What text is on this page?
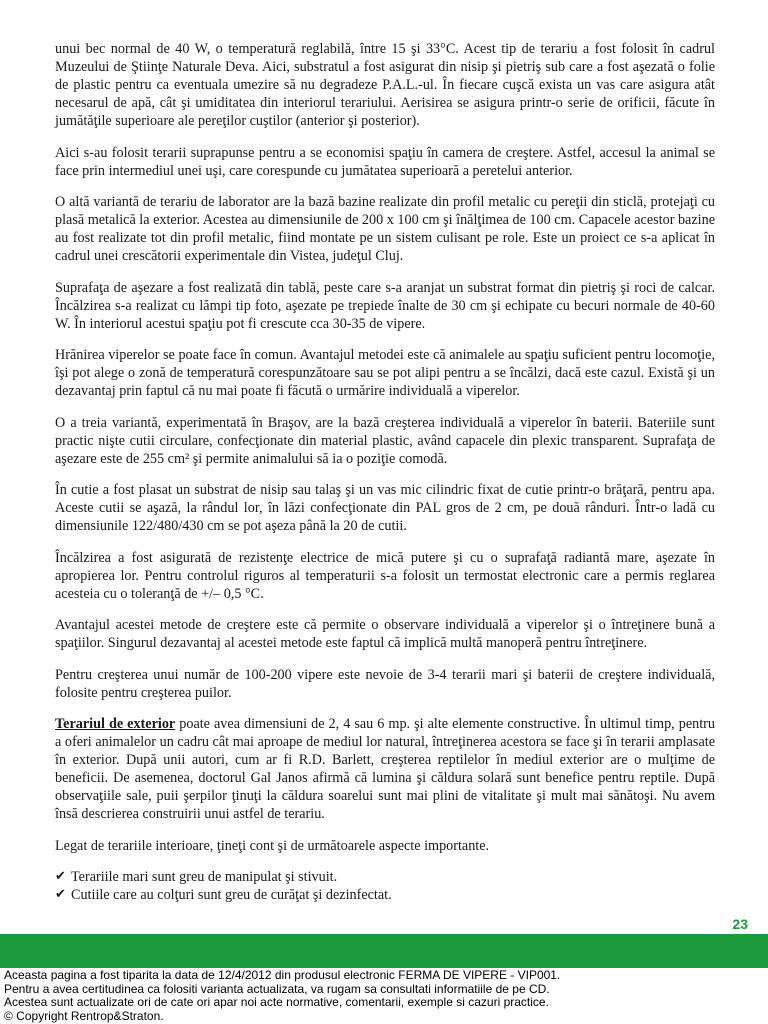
unui bec normal de 40 W, o temperatură reglabilă, între 15 şi 33°C. Acest tip de terariu a fost folosit în cadrul Muzeului de Ştiinţe Naturale Deva. Aici, substratul a fost asigurat din nisip şi pietriş sub care a fost aşezată o folie de plastic pentru ca eventuala umezire să nu degradeze P.A.L.-ul. În fiecare cuşcă exista un vas care asigura atât necesarul de apă, cât şi umiditatea din interiorul terariului. Aerisirea se asigura printr-o serie de orificii, făcute în jumătăţile superioare ale pereţilor cuştilor (anterior şi posterior).

Aici s-au folosit terarii suprapunse pentru a se economisi spaţiu în camera de creştere. Astfel, accesul la animal se face prin intermediul unei uşi, care corespunde cu jumătatea superioară a peretelui anterior.

O altă variantă de terariu de laborator are la bază bazine realizate din profil metalic cu pereţii din sticlă, protejaţi cu plasă metalică la exterior. Acestea au dimensiunile de 200 x 100 cm şi înălţimea de 100 cm. Capacele acestor bazine au fost realizate tot din profil metalic, fiind montate pe un sistem culisant pe role. Este un proiect ce s-a aplicat în cadrul unei crescătorii experimentale din Vistea, judeţul Cluj.

Suprafaţa de aşezare a fost realizată din tablă, peste care s-a aranjat un substrat format din pietriş şi roci de calcar. Încălzirea s-a realizat cu lămpi tip foto, aşezate pe trepiede înalte de 30 cm şi echipate cu becuri normale de 40-60 W. În interiorul acestui spaţiu pot fi crescute cca 30-35 de vipere.

Hrănirea viperelor se poate face în comun. Avantajul metodei este că animalele au spaţiu suficient pentru locomoţie, îşi pot alege o zonă de temperatură corespunzătoare sau se pot alipi pentru a se încălzi, dacă este cazul. Există şi un dezavantaj prin faptul că nu mai poate fi făcută o urmărire individuală a viperelor.

O a treia variantă, experimentată în Braşov, are la bază creşterea individuală a viperelor în baterii. Bateriile sunt practic nişte cutii circulare, confecţionate din material plastic, având capacele din plexic transparent. Suprafaţa de aşezare este de 255 cm² şi permite animalului să ia o poziţie comodă.

În cutie a fost plasat un substrat de nisip sau talaş şi un vas mic cilindric fixat de cutie printr-o brăţară, pentru apa. Aceste cutii se aşază, la rândul lor, în lăzi confecţionate din PAL gros de 2 cm, pe două rânduri. Într-o ladă cu dimensiunile 122/480/430 cm se pot aşeza până la 20 de cutii.

Încălzirea a fost asigurată de rezistenţe electrice de mică putere şi cu o suprafaţă radiantă mare, aşezate în apropierea lor. Pentru controlul riguros al temperaturii s-a folosit un termostat electronic care a permis reglarea acesteia cu o toleranţă de +/– 0,5 °C.

Avantajul acestei metode de creştere este că permite o observare individuală a viperelor şi o întreţinere bună a spaţiilor. Singurul dezavantaj al acestei metode este faptul că implică multă manoperă pentru întreţinere.

Pentru creşterea unui număr de 100-200 vipere este nevoie de 3-4 terarii mari şi baterii de creştere individuală, folosite pentru creşterea puilor.

Terariul de exterior poate avea dimensiuni de 2, 4 sau 6 mp. şi alte elemente constructive. În ultimul timp, pentru a oferi animalelor un cadru cât mai aproape de mediul lor natural, întreţinerea acestora se face şi în terarii amplasate în exterior. După unii autori, cum ar fi R.D. Barlett, creşterea reptilelor în mediul exterior are o mulţime de beneficii. De asemenea, doctorul Gal Janos afirmă că lumina şi căldura solară sunt benefice pentru reptile. După observaţiile sale, puii şerpilor ţinuţi la căldura soarelui sunt mai plini de vitalitate şi mult mai sănătoşi. Nu avem însă descrierea construirii unui astfel de terariu.

Legat de terariile interioare, ţineţi cont şi de următoarele aspecte importante.

✔ Terariile mari sunt greu de manipulat şi stivuit.
✔ Cutiile care au colţuri sunt greu de curăţat şi dezinfectat.
23
Aceasta pagina a fost tiparita la data de 12/4/2012 din produsul electronic FERMA DE VIPERE - VIP001.
Pentru a avea certitudinea ca folositi varianta actualizata, va rugam sa consultati informatiile de pe CD.
Acestea sunt actualizate ori de cate ori apar noi acte normative, comentarii, exemple si cazuri practice.
© Copyright Rentrop&Straton.
